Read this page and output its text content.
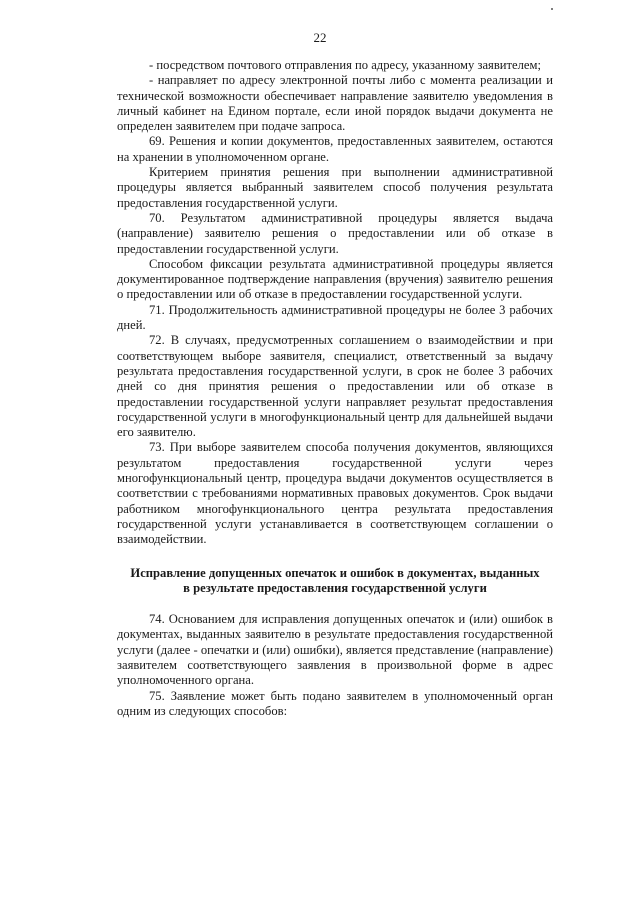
22

- посредством почтового отправления по адресу, указанному заявителем;

- направляет по адресу электронной почты либо с момента реализации и технической возможности обеспечивает направление заявителю уведомления в личный кабинет на Едином портале, если иной порядок выдачи документа не определен заявителем при подаче запроса.

69. Решения и копии документов, предоставленных заявителем, остаются на хранении в уполномоченном органе.

Критерием принятия решения при выполнении административной процедуры является выбранный заявителем способ получения результата предоставления государственной услуги.

70. Результатом административной процедуры является выдача (направление) заявителю решения о предоставлении или об отказе в предоставлении государственной услуги.

Способом фиксации результата административной процедуры является документированное подтверждение направления (вручения) заявителю решения о предоставлении или об отказе в предоставлении государственной услуги.

71. Продолжительность административной процедуры не более 3 рабочих дней.

72. В случаях, предусмотренных соглашением о взаимодействии и при соответствующем выборе заявителя, специалист, ответственный за выдачу результата предоставления государственной услуги, в срок не более 3 рабочих дней со дня принятия решения о предоставлении или об отказе в предоставлении государственной услуги направляет результат предоставления государственной услуги в многофункциональный центр для дальнейшей выдачи его заявителю.

73. При выборе заявителем способа получения документов, являющихся результатом предоставления государственной услуги через многофункциональный центр, процедура выдачи документов осуществляется в соответствии с требованиями нормативных правовых документов. Срок выдачи работником многофункционального центра результата предоставления государственной услуги устанавливается в соответствующем соглашении о взаимодействии.

Исправление допущенных опечаток и ошибок в документах, выданных
в результате предоставления государственной услуги

74. Основанием для исправления допущенных опечаток и (или) ошибок в документах, выданных заявителю в результате предоставления государственной услуги (далее - опечатки и (или) ошибки), является представление (направление) заявителем соответствующего заявления в произвольной форме в адрес уполномоченного органа.

75. Заявление может быть подано заявителем в уполномоченный орган одним из следующих способов:
